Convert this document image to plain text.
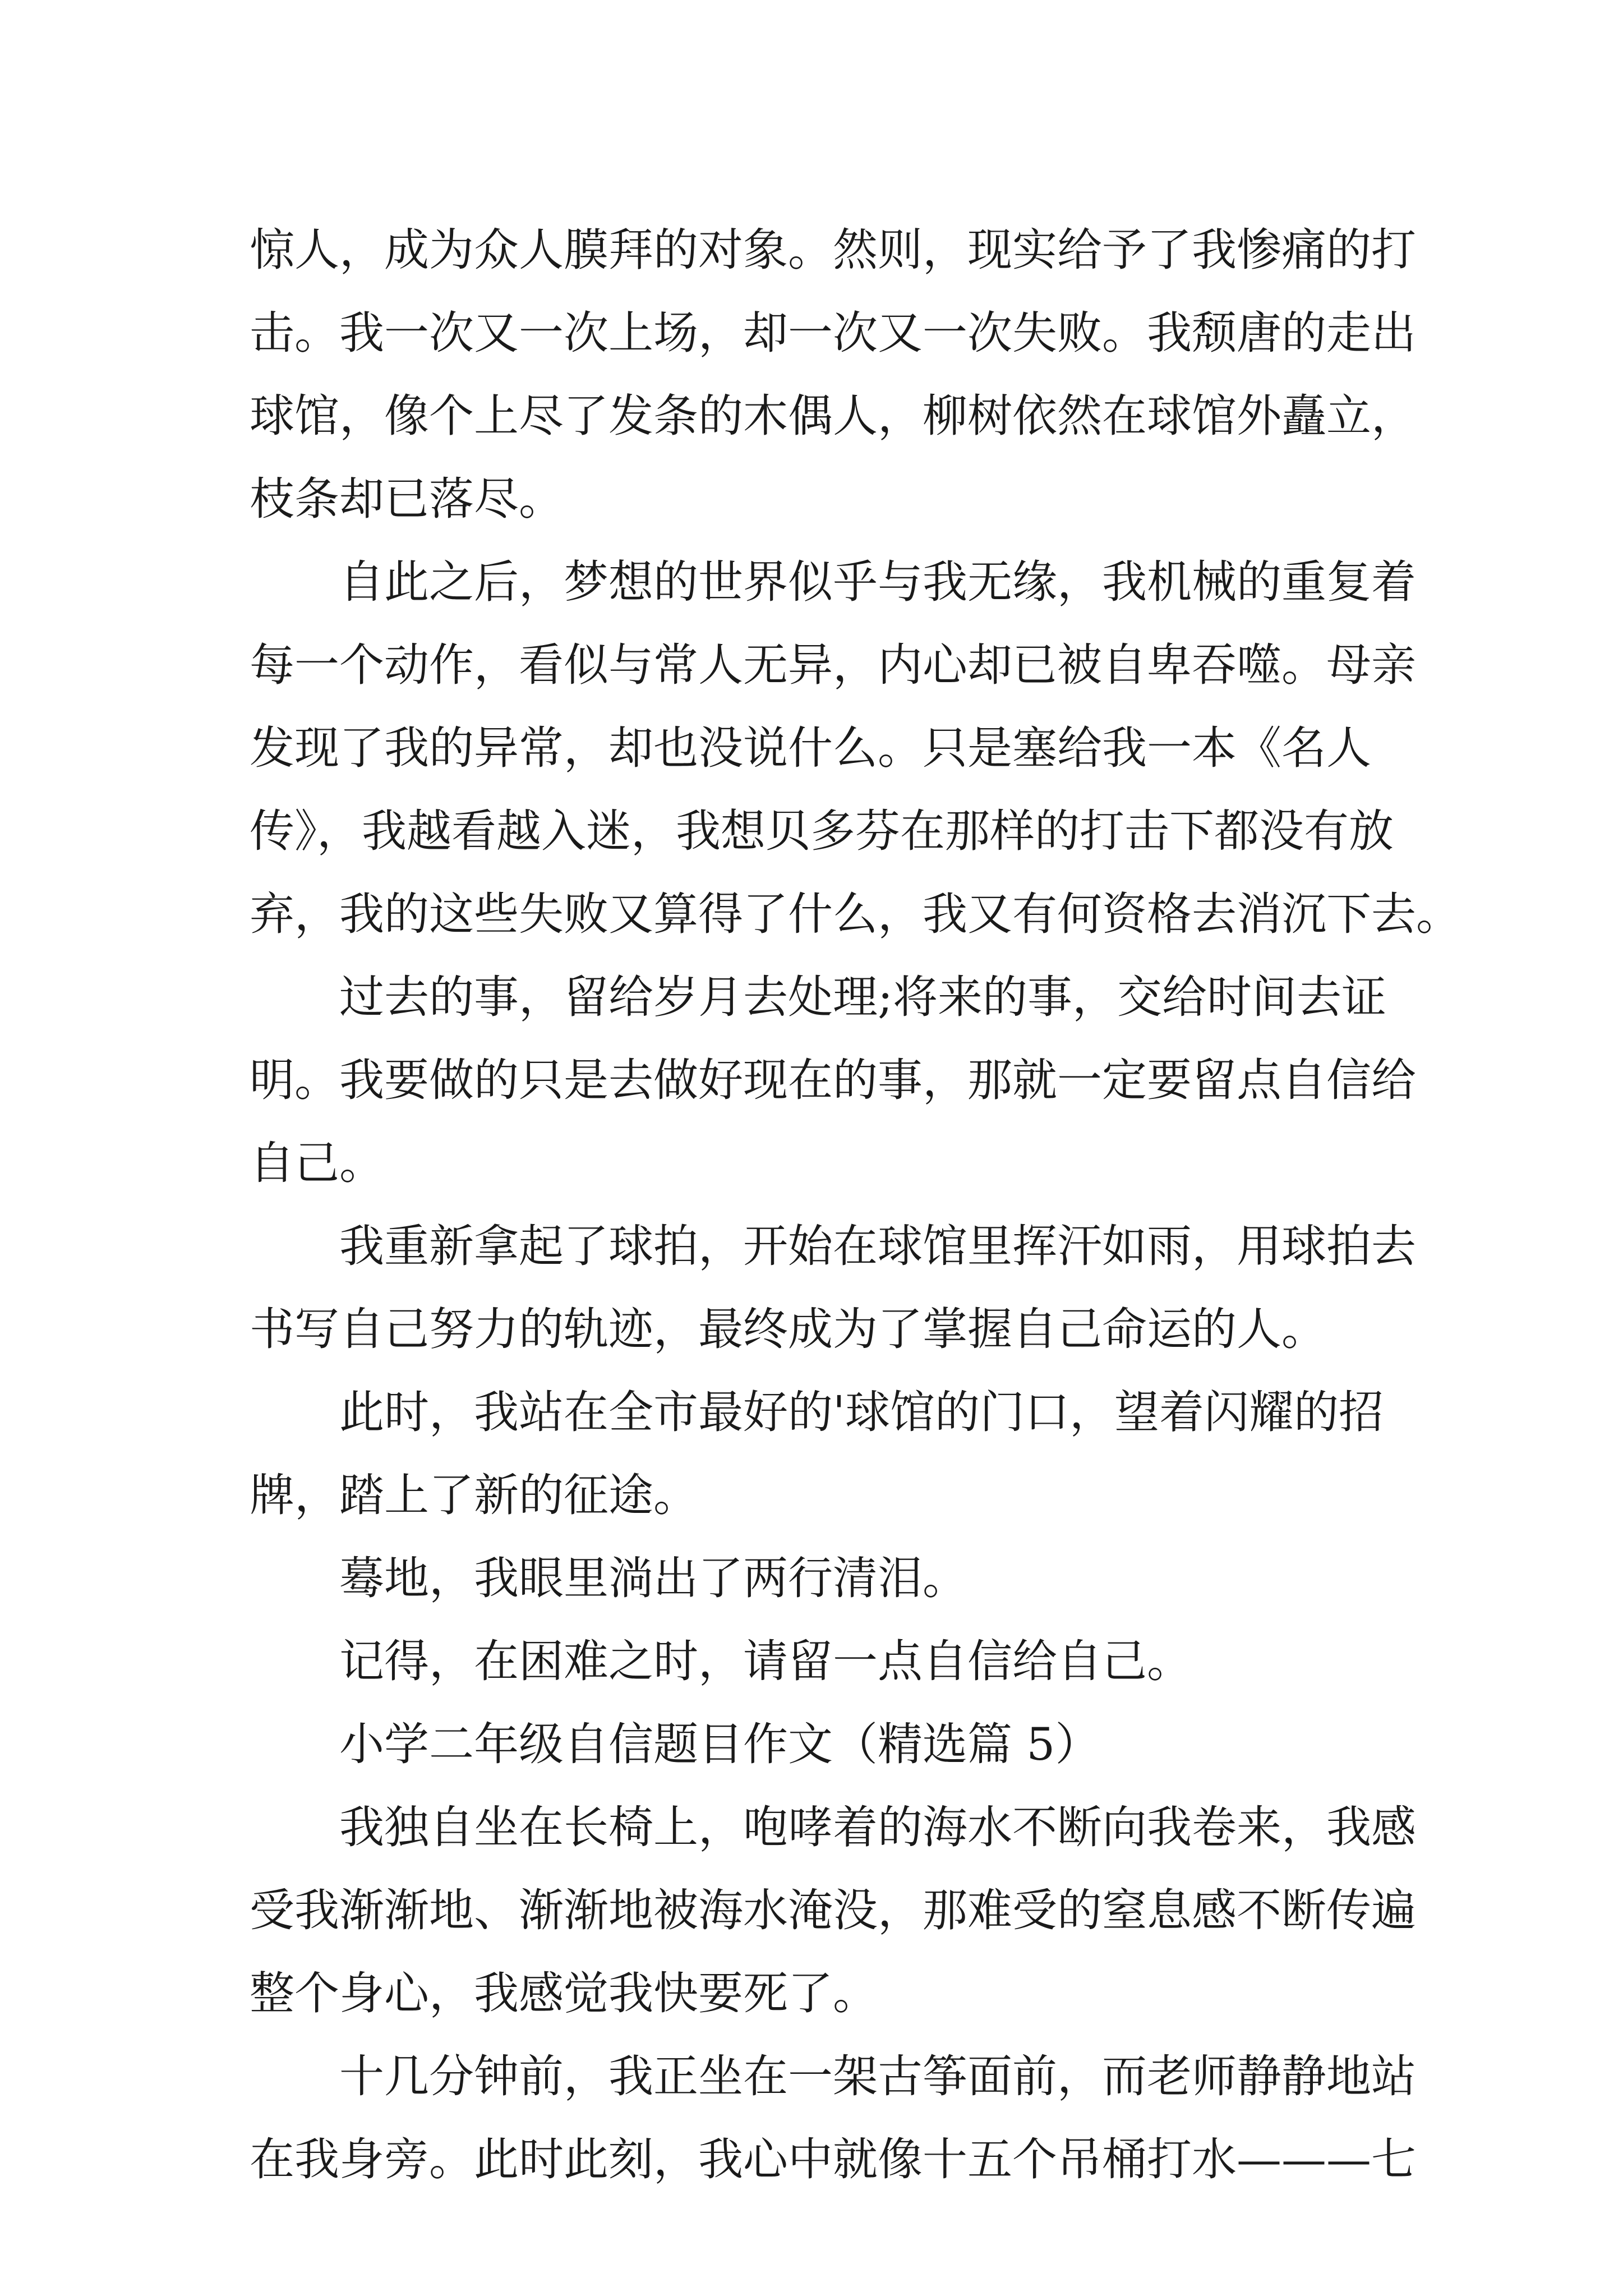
惊人，成为众人膜拜的对象。然则，现实给予了我惨痛的打
击。我一次又一次上场，却一次又一次失败。我颓唐的走出
球馆，像个上尽了发条的木偶人，柳树依然在球馆外矗立，
枝条却已落尽。
自此之后，梦想的世界似乎与我无缘，我机械的重复着
每一个动作，看似与常人无异，内心却已被自卑吞噬。母亲
发现了我的异常，却也没说什么。只是塞给我一本《名人
传》，我越看越入迷，我想贝多芬在那样的打击下都没有放
弃，我的这些失败又算得了什么，我又有何资格去消沉下去。
过去的事，留给岁月去处理;将来的事，交给时间去证
明。我要做的只是去做好现在的事，那就一定要留点自信给
自己。
我重新拿起了球拍，开始在球馆里挥汗如雨，用球拍去
书写自己努力的轨迹，最终成为了掌握自己命运的人。
此时，我站在全市最好的'球馆的门口，望着闪耀的招
牌，踏上了新的征途。
蓦地，我眼里淌出了两行清泪。
记得，在困难之时，请留一点自信给自己。
小学二年级自信题目作文（精选篇 5）
我独自坐在长椅上，咆哮着的海水不断向我卷来，我感
受我渐渐地、渐渐地被海水淹没，那难受的窒息感不断传遍
整个身心，我感觉我快要死了。
十几分钟前，我正坐在一架古筝面前，而老师静静地站
在我身旁。此时此刻，我心中就像十五个吊桶打水———七
